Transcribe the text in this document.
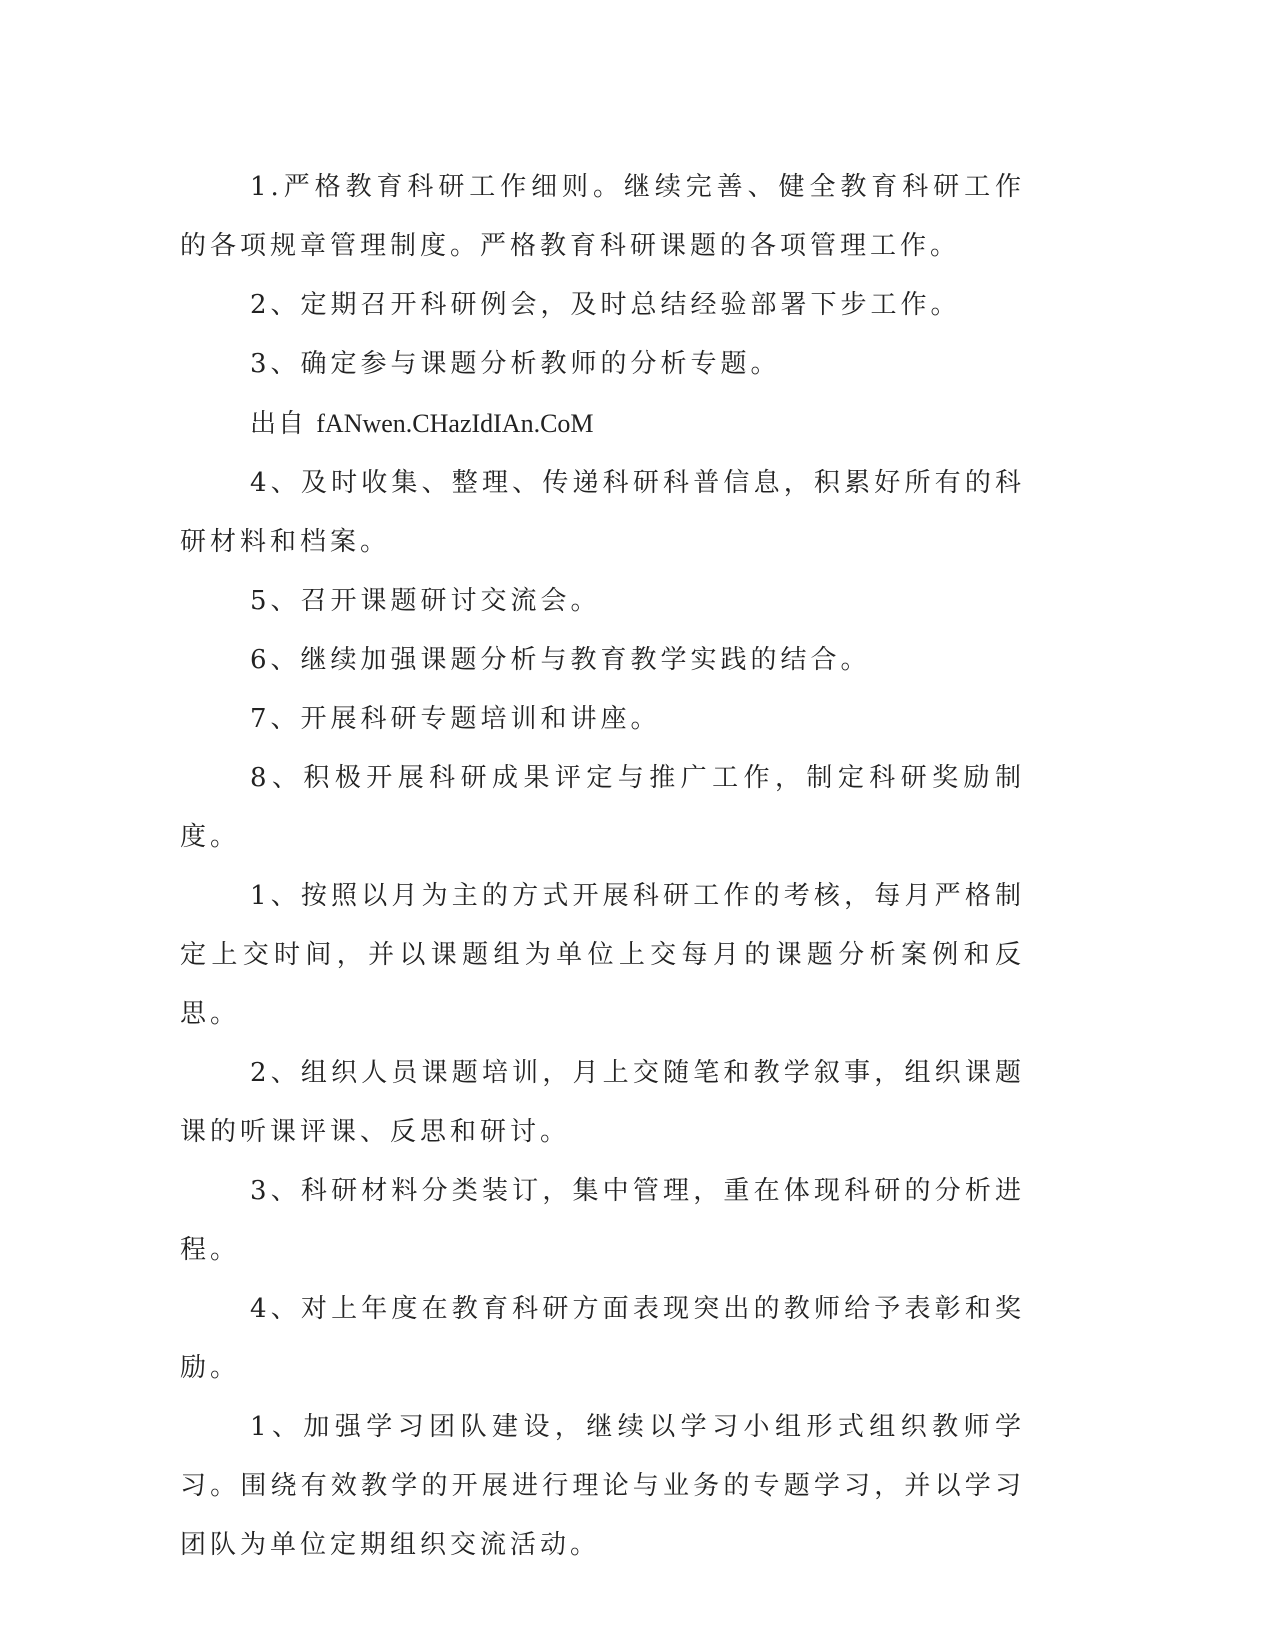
1.严格教育科研工作细则。继续完善、健全教育科研工作的各项规章管理制度。严格教育科研课题的各项管理工作。

2、定期召开科研例会，及时总结经验部署下步工作。

3、确定参与课题分析教师的分析专题。

出自 fANwen.CHazIdIAn.CoM

4、及时收集、整理、传递科研科普信息，积累好所有的科研材料和档案。

5、召开课题研讨交流会。

6、继续加强课题分析与教育教学实践的结合。

7、开展科研专题培训和讲座。

8、积极开展科研成果评定与推广工作，制定科研奖励制度。

1、按照以月为主的方式开展科研工作的考核，每月严格制定上交时间，并以课题组为单位上交每月的课题分析案例和反思。

2、组织人员课题培训，月上交随笔和教学叙事，组织课题课的听课评课、反思和研讨。

3、科研材料分类装订，集中管理，重在体现科研的分析进程。

4、对上年度在教育科研方面表现突出的教师给予表彰和奖励。

1、加强学习团队建设，继续以学习小组形式组织教师学习。围绕有效教学的开展进行理论与业务的专题学习，并以学习团队为单位定期组织交流活动。
